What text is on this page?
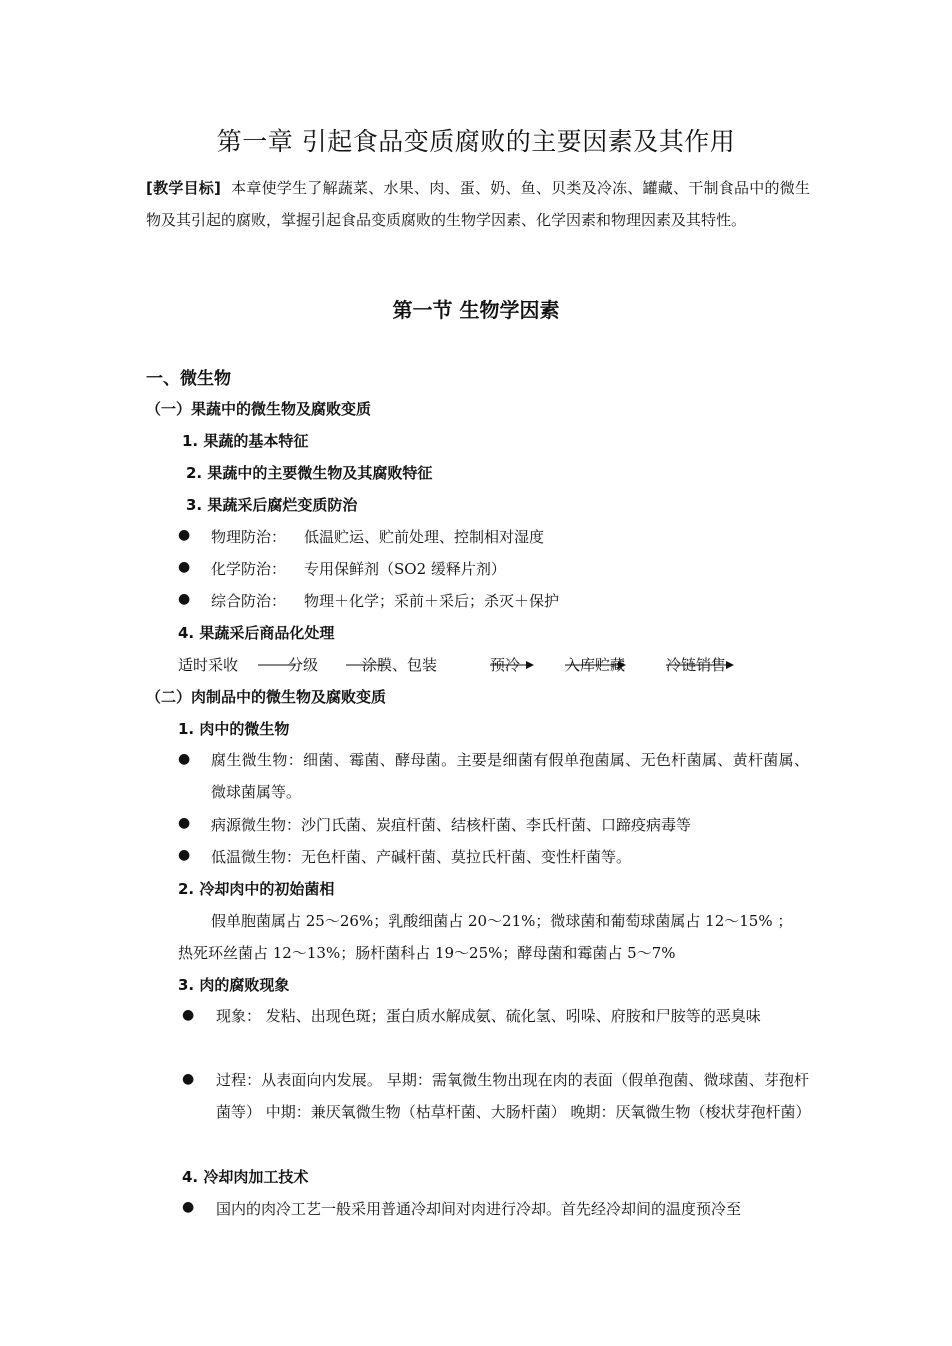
第一章 引起食品变质腐败的主要因素及其作用
[教学目标] 本章使学生了解蔬菜、水果、肉、蛋、奶、鱼、贝类及冷冻、罐藏、干制食品中的微生物及其引起的腐败，掌握引起食品变质腐败的生物学因素、化学因素和物理因素及其特性。
第一节 生物学因素
一、微生物
（一）果蔬中的微生物及腐败变质
1. 果蔬的基本特征
2. 果蔬中的主要微生物及其腐败特征
3. 果蔬采后腐烂变质防治
● 物理防治： 低温贮运、贮前处理、控制相对湿度
● 化学防治： 专用保鲜剂（SO2 缓释片剂）
● 综合防治： 物理＋化学；采前＋采后；杀灭＋保护
4. 果蔬采后商品化处理
适时采收	分级	涂膜、包装	预冷	入库贮藏	冷链销售
（二）肉制品中的微生物及腐败变质
1. 肉中的微生物
● 腐生微生物：细菌、霉菌、酵母菌。主要是细菌有假单孢菌属、无色杆菌属、黄杆菌属、微球菌属等。
● 病源微生物：沙门氏菌、炭疽杆菌、结核杆菌、李氏杆菌、口蹄疫病毒等
● 低温微生物：无色杆菌、产碱杆菌、莫拉氏杆菌、变性杆菌等。
2. 冷却肉中的初始菌相
假单胞菌属占 25～26%；乳酸细菌占 20～21%；微球菌和葡萄球菌属占 12～15% ；
热死环丝菌占 12～13%；肠杆菌科占 19～25%；酵母菌和霉菌占 5～7%
3. 肉的腐败现象
● 现象： 发粘、出现色斑；蛋白质水解成氨、硫化氢、吲哚、府胺和尸胺等的恶臭味
● 过程：从表面向内发展。 早期：需氧微生物出现在肉的表面（假单孢菌、微球菌、芽孢杆菌等） 中期：兼厌氧微生物（枯草杆菌、大肠杆菌） 晚期：厌氧微生物（梭状芽孢杆菌）
4. 冷却肉加工技术
● 国内的肉冷工艺一般采用普通冷却间对肉进行冷却。首先经冷却间的温度预冷至
